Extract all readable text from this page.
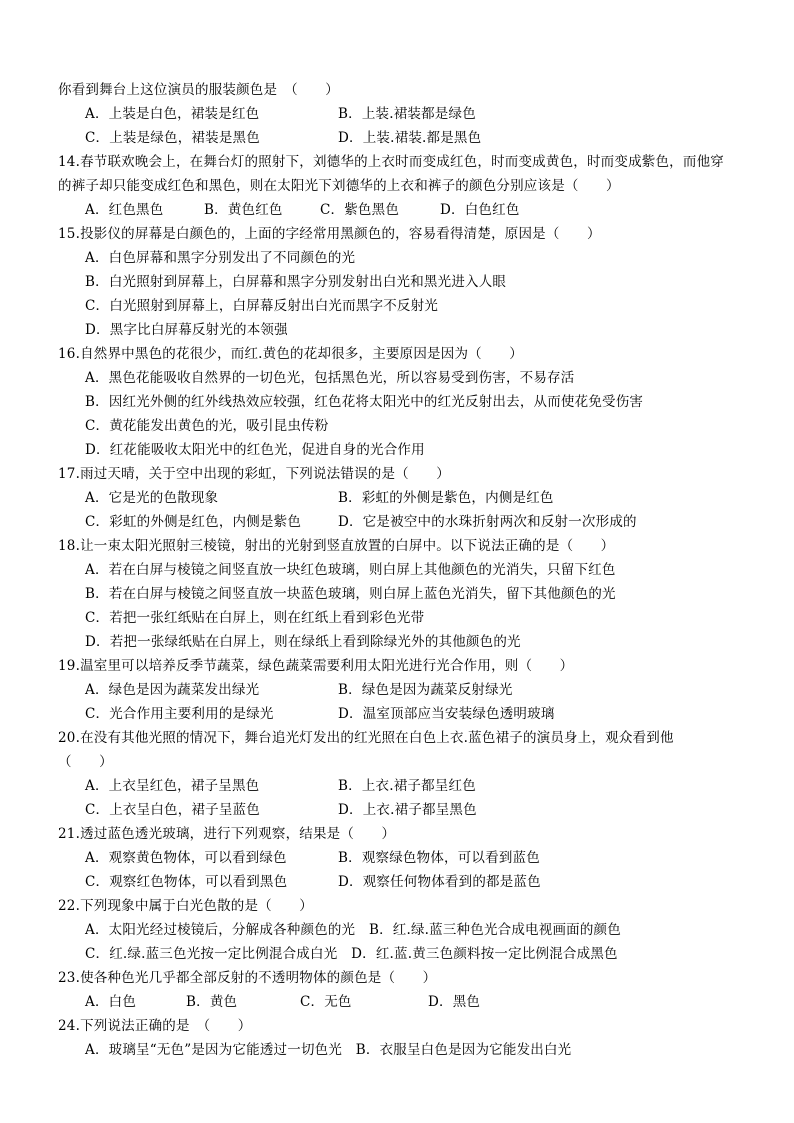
你看到舞台上这位演员的服装颜色是　（　　）
A．上装是白色，裙装是红色	B．上装.裙装都是绿色
C．上装是绿色，裙装是黑色	D．上装.裙装.都是黑色
14.春节联欢晚会上，在舞台灯的照射下，刘德华的上衣时而变成红色，时而变成黄色，时而变成紫色，而他穿
的裤子却只能变成红色和黑色，则在太阳光下刘德华的上衣和裤子的颜色分别应该是（　　）
A．红色黑色	B．黄色红色	C．紫色黑色	D．白色红色
15.投影仪的屏幕是白颜色的，上面的字经常用黑颜色的，容易看得清楚，原因是（　　）
A．白色屏幕和黑字分别发出了不同颜色的光
B．白光照射到屏幕上，白屏幕和黑字分别发射出白光和黑光进入人眼
C．白光照射到屏幕上，白屏幕反射出白光而黑字不反射光
D．黑字比白屏幕反射光的本领强
16.自然界中黑色的花很少，而红.黄色的花却很多，主要原因是因为（　　）
A．黑色花能吸收自然界的一切色光，包括黑色光，所以容易受到伤害，不易存活
B．因红光外侧的红外线热效应较强，红色花将太阳光中的红光反射出去，从而使花免受伤害
C．黄花能发出黄色的光，吸引昆虫传粉
D．红花能吸收太阳光中的红色光，促进自身的光合作用
17.雨过天晴，关于空中出现的彩虹，下列说法错误的是（　　）
A．它是光的色散现象	B．彩虹的外侧是紫色，内侧是红色
C．彩虹的外侧是红色，内侧是紫色	D．它是被空中的水珠折射两次和反射一次形成的
18.让一束太阳光照射三棱镜，射出的光射到竖直放置的白屏中。以下说法正确的是（　　）
A．若在白屏与棱镜之间竖直放一块红色玻璃，则白屏上其他颜色的光消失，只留下红色
B．若在白屏与棱镜之间竖直放一块蓝色玻璃，则白屏上蓝色光消失，留下其他颜色的光
C．若把一张红纸贴在白屏上，则在红纸上看到彩色光带
D．若把一张绿纸贴在白屏上，则在绿纸上看到除绿光外的其他颜色的光
19.温室里可以培养反季节蔬菜，绿色蔬菜需要利用太阳光进行光合作用，则（　　）
A．绿色是因为蔬菜发出绿光	B．绿色是因为蔬菜反射绿光
C．光合作用主要利用的是绿光	D．温室顶部应当安装绿色透明玻璃
20.在没有其他光照的情况下，舞台追光灯发出的红光照在白色上衣.蓝色裙子的演员身上，观众看到他
（　　）
A．上衣呈红色，裙子呈黑色	B．上衣.裙子都呈红色
C．上衣呈白色，裙子呈蓝色	D．上衣.裙子都呈黑色
21.透过蓝色透光玻璃，进行下列观察，结果是（　　）
A．观察黄色物体，可以看到绿色	B．观察绿色物体，可以看到蓝色
C．观察红色物体，可以看到黑色	D．观察任何物体看到的都是蓝色
22.下列现象中属于白光色散的是（　　）
A．太阳光经过棱镜后，分解成各种颜色的光　B．红.绿.蓝三种色光合成电视画面的颜色
C．红.绿.蓝三色光按一定比例混合成白光　D．红.蓝.黄三色颜料按一定比例混合成黑色
23.使各种色光几乎都全部反射的不透明物体的颜色是（　　）
A．白色	B．黄色	C．无色	D．黑色
24.下列说法正确的是　（　　）
A．玻璃呈“无色”是因为它能透过一切色光　B．衣服呈白色是因为它能发出白光
